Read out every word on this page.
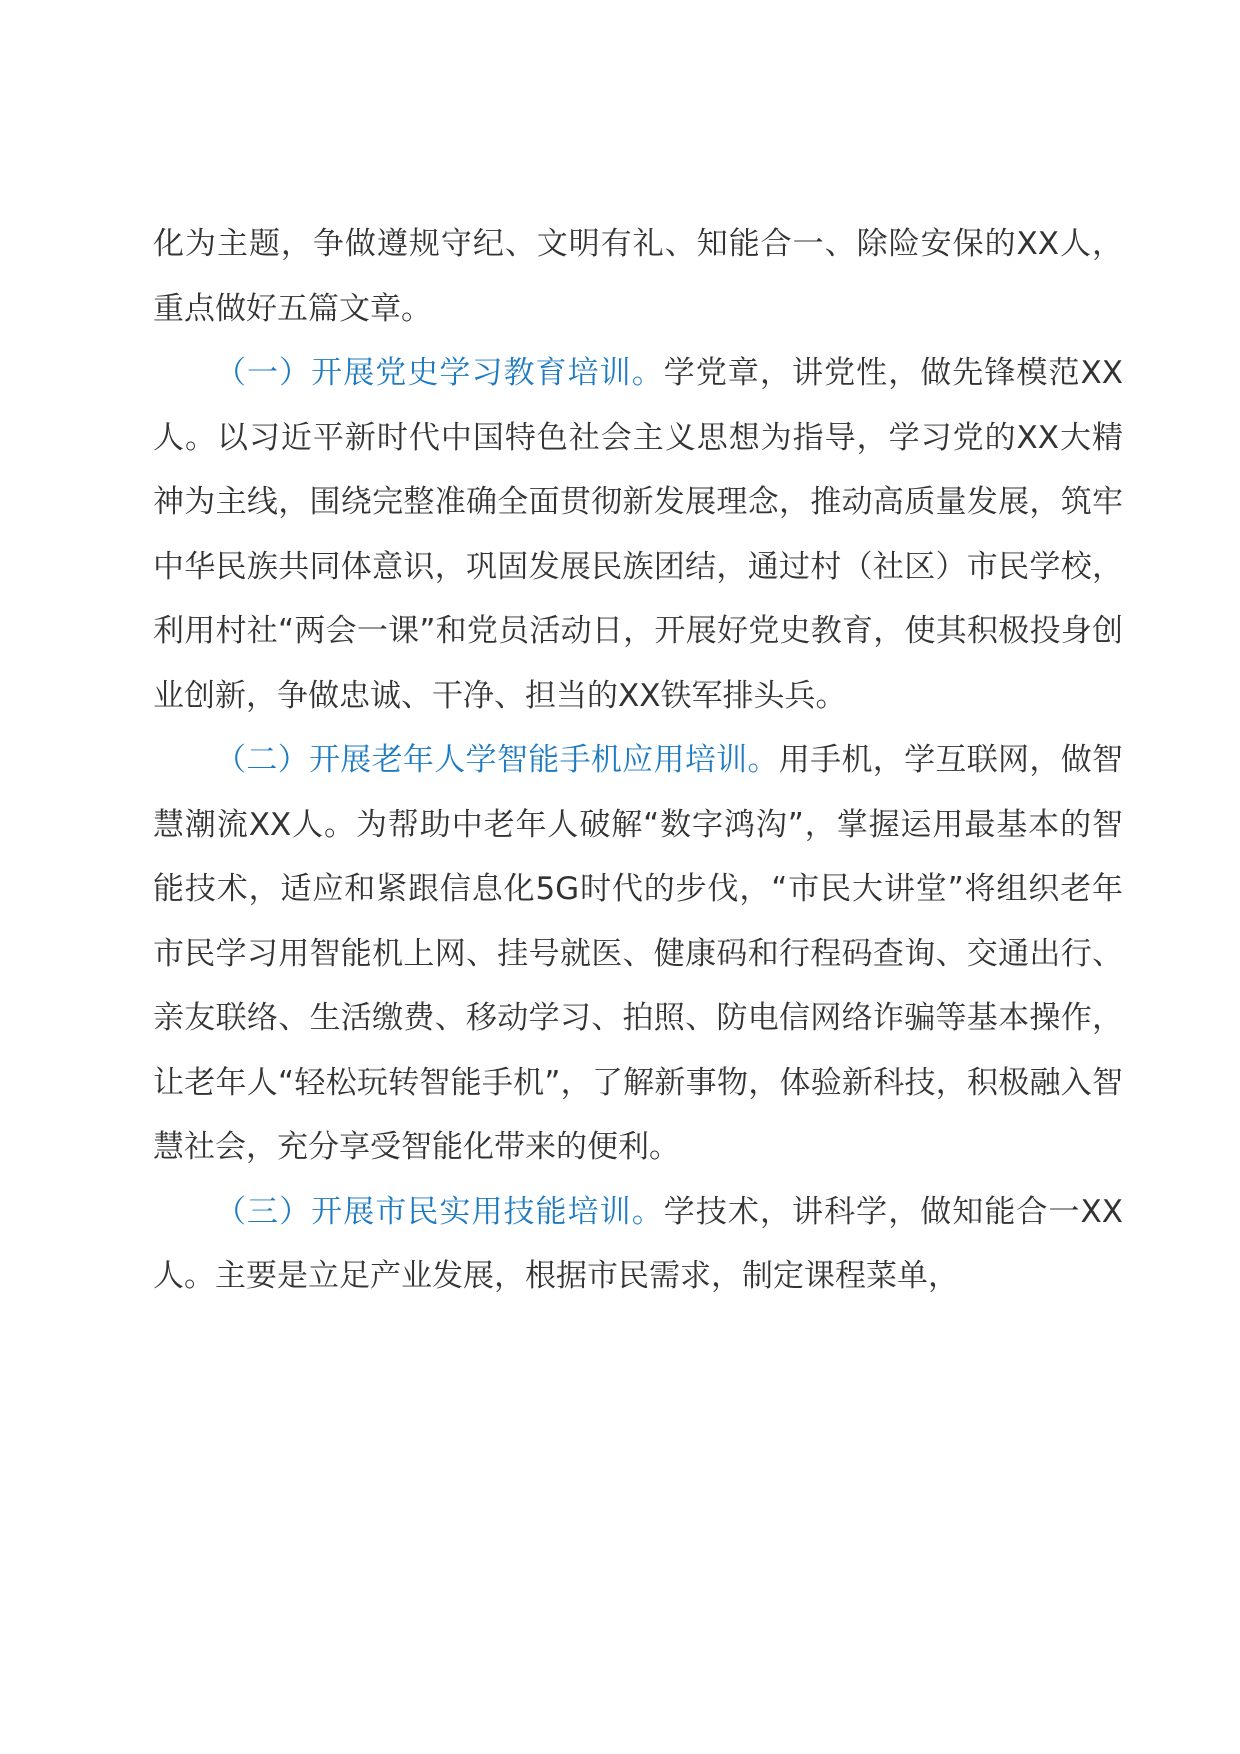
化为主题，争做遵规守纪、文明有礼、知能合一、除险安保的XX人，重点做好五篇文章。

（一）开展党史学习教育培训。学党章，讲党性，做先锋模范XX人。以习近平新时代中国特色社会主义思想为指导，学习党的XX大精神为主线，围绕完整准确全面贯彻新发展理念，推动高质量发展，筑牢中华民族共同体意识，巩固发展民族团结，通过村（社区）市民学校，利用村社“两会一课”和党员活动日，开展好党史教育，使其积极投身创业创新，争做忠诚、干净、担当的XX铁军排头兵。

（二）开展老年人学智能手机应用培训。用手机，学互联网，做智慧潮流XX人。为帮助中老年人破解“数字鸿沟”，掌握运用最基本的智能技术，适应和紧跟信息化5G时代的步伐，“市民大讲堂”将组织老年市民学习用智能机上网、挂号就医、健康码和行程码查询、交通出行、亲友联络、生活缴费、移动学习、拍照、防电信网络诈骗等基本操作，让老年人“轻松玩转智能手机”，了解新事物，体验新科技，积极融入智慧社会，充分享受智能化带来的便利。

（三）开展市民实用技能培训。学技术，讲科学，做知能合一XX人。主要是立足产业发展，根据市民需求，制定课程菜单，
